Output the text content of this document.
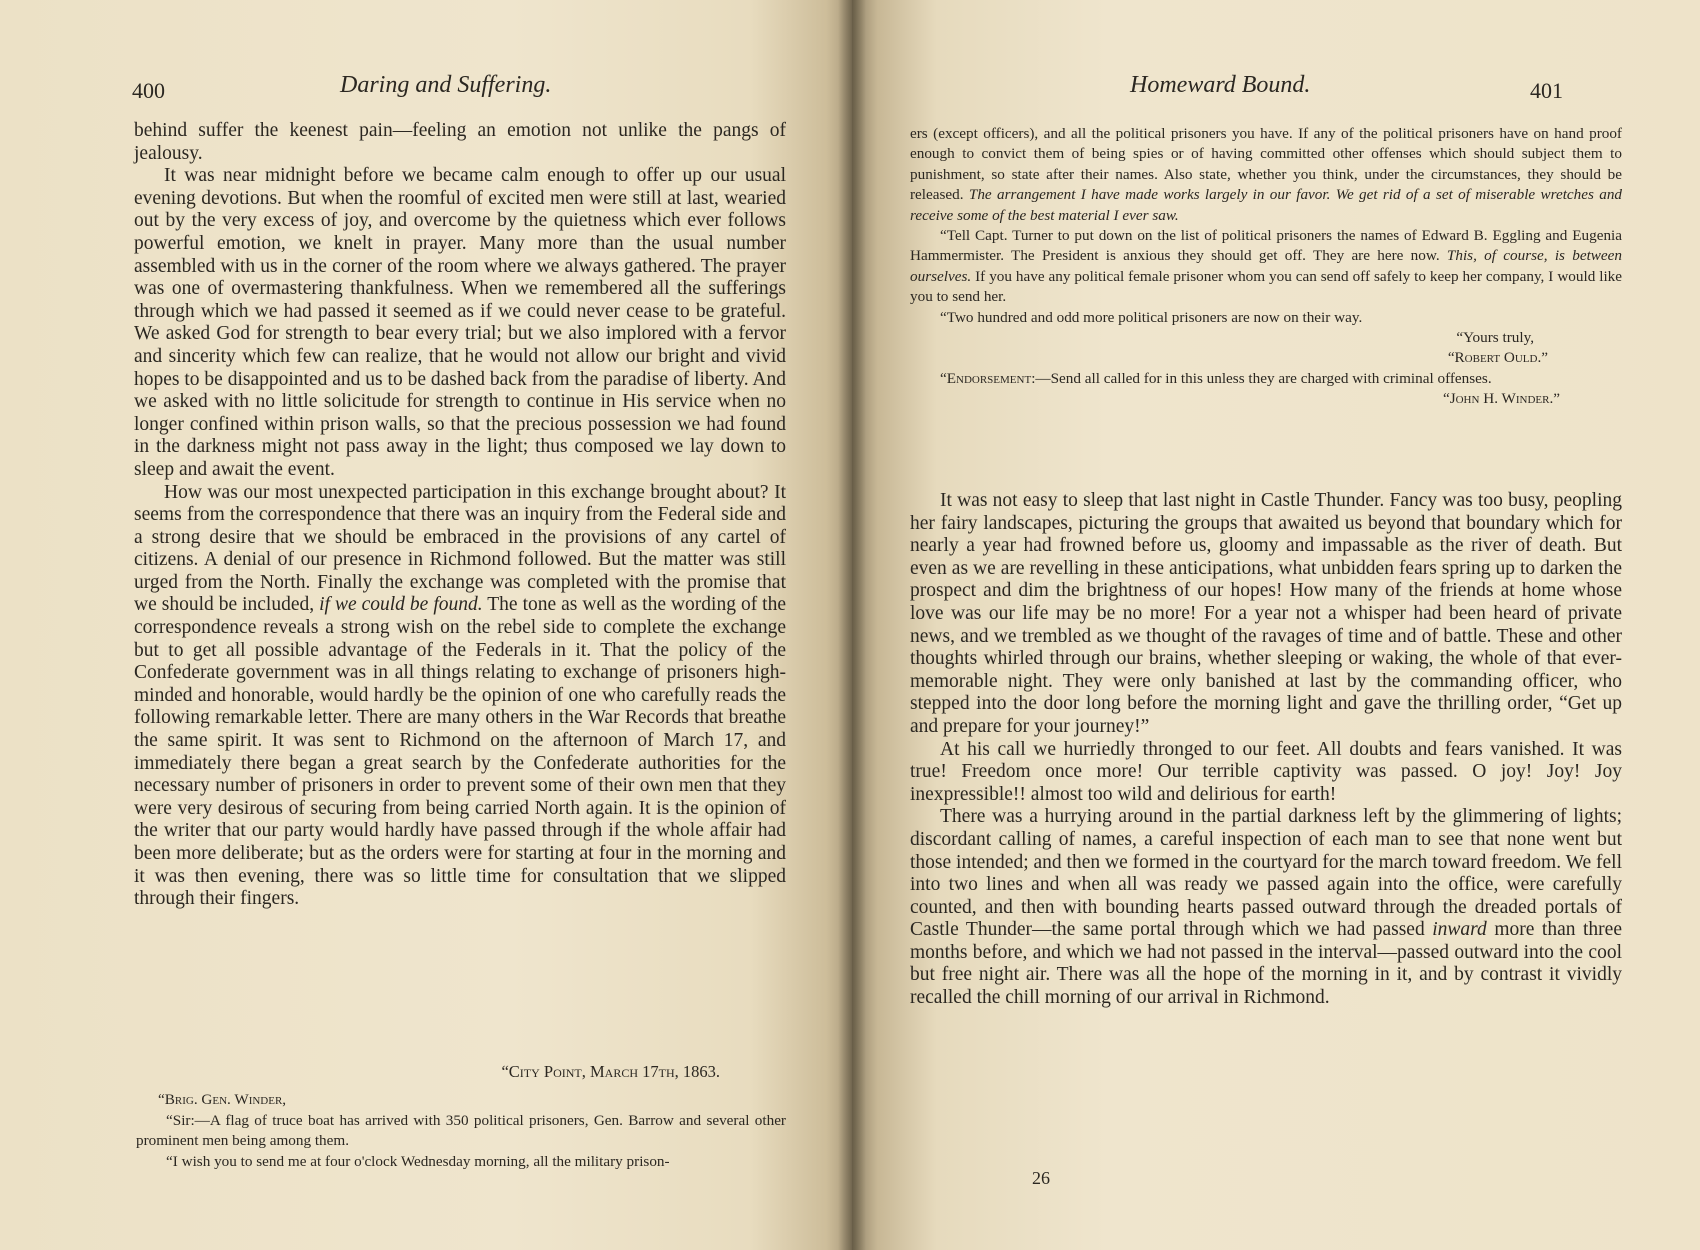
400	Daring and Suffering.

behind suffer the keenest pain—feeling an emotion not unlike the pangs of jealousy.

It was near midnight before we became calm enough to offer up our usual evening devotions. But when the roomful of excited men were still at last, wearied out by the very excess of joy, and overcome by the quietness which ever follows powerful emotion, we knelt in prayer. Many more than the usual number assembled with us in the corner of the room where we always gathered. The prayer was one of overmastering thankfulness. When we remembered all the sufferings through which we had passed it seemed as if we could never cease to be grateful. We asked God for strength to bear every trial; but we also implored with a fervor and sincerity which few can realize, that he would not allow our bright and vivid hopes to be disappointed and us to be dashed back from the paradise of liberty. And we asked with no little solicitude for strength to continue in His service when no longer confined within prison walls, so that the precious possession we had found in the darkness might not pass away in the light; thus composed we lay down to sleep and await the event.

How was our most unexpected participation in this exchange brought about? It seems from the correspondence that there was an inquiry from the Federal side and a strong desire that we should be embraced in the provisions of any cartel of citizens. A denial of our presence in Richmond followed. But the matter was still urged from the North. Finally the exchange was completed with the promise that we should be included, if we could be found. The tone as well as the wording of the correspondence reveals a strong wish on the rebel side to complete the exchange but to get all possible advantage of the Federals in it. That the policy of the Confederate government was in all things relating to exchange of prisoners high-minded and honorable, would hardly be the opinion of one who carefully reads the following remarkable letter. There are many others in the War Records that breathe the same spirit. It was sent to Richmond on the afternoon of March 17, and immediately there began a great search by the Confederate authorities for the necessary number of prisoners in order to prevent some of their own men that they were very desirous of securing from being carried North again. It is the opinion of the writer that our party would hardly have passed through if the whole affair had been more deliberate; but as the orders were for starting at four in the morning and it was then evening, there was so little time for consultation that we slipped through their fingers.

“City Point, March 17th, 1863.

“Brig. Gen. Winder,

“Sir:—A flag of truce boat has arrived with 350 political prisoners, Gen. Barrow and several other prominent men being among them.

“I wish you to send me at four o'clock Wednesday morning, all the military prison-

Homeward Bound.	401

ers (except officers), and all the political prisoners you have. If any of the political prisoners have on hand proof enough to convict them of being spies or of having committed other offenses which should subject them to punishment, so state after their names. Also state, whether you think, under the circumstances, they should be released. The arrangement I have made works largely in our favor. We get rid of a set of miserable wretches and receive some of the best material I ever saw.

“Tell Capt. Turner to put down on the list of political prisoners the names of Edward B. Eggling and Eugenia Hammermister. The President is anxious they should get off. They are here now. This, of course, is between ourselves. If you have any political female prisoner whom you can send off safely to keep her company, I would like you to send her.

“Two hundred and odd more political prisoners are now on their way.

“Yours truly,

“Robert Ould.”

“Endorsement:—Send all called for in this unless they are charged with criminal offenses.

“John H. Winder.”

It was not easy to sleep that last night in Castle Thunder. Fancy was too busy, peopling her fairy landscapes, picturing the groups that awaited us beyond that boundary which for nearly a year had frowned before us, gloomy and impassable as the river of death. But even as we are revelling in these anticipations, what unbidden fears spring up to darken the prospect and dim the brightness of our hopes! How many of the friends at home whose love was our life may be no more! For a year not a whisper had been heard of private news, and we trembled as we thought of the ravages of time and of battle. These and other thoughts whirled through our brains, whether sleeping or waking, the whole of that ever-memorable night. They were only banished at last by the commanding officer, who stepped into the door long before the morning light and gave the thrilling order, “Get up and prepare for your journey!”

At his call we hurriedly thronged to our feet. All doubts and fears vanished. It was true! Freedom once more! Our terrible captivity was passed. O joy! Joy! Joy inexpressible!! almost too wild and delirious for earth!

There was a hurrying around in the partial darkness left by the glimmering of lights; discordant calling of names, a careful inspection of each man to see that none went but those intended; and then we formed in the courtyard for the march toward freedom. We fell into two lines and when all was ready we passed again into the office, were carefully counted, and then with bounding hearts passed outward through the dreaded portals of Castle Thunder—the same portal through which we had passed inward more than three months before, and which we had not passed in the interval—passed outward into the cool but free night air. There was all the hope of the morning in it, and by contrast it vividly recalled the chill morning of our arrival in Richmond.

26
